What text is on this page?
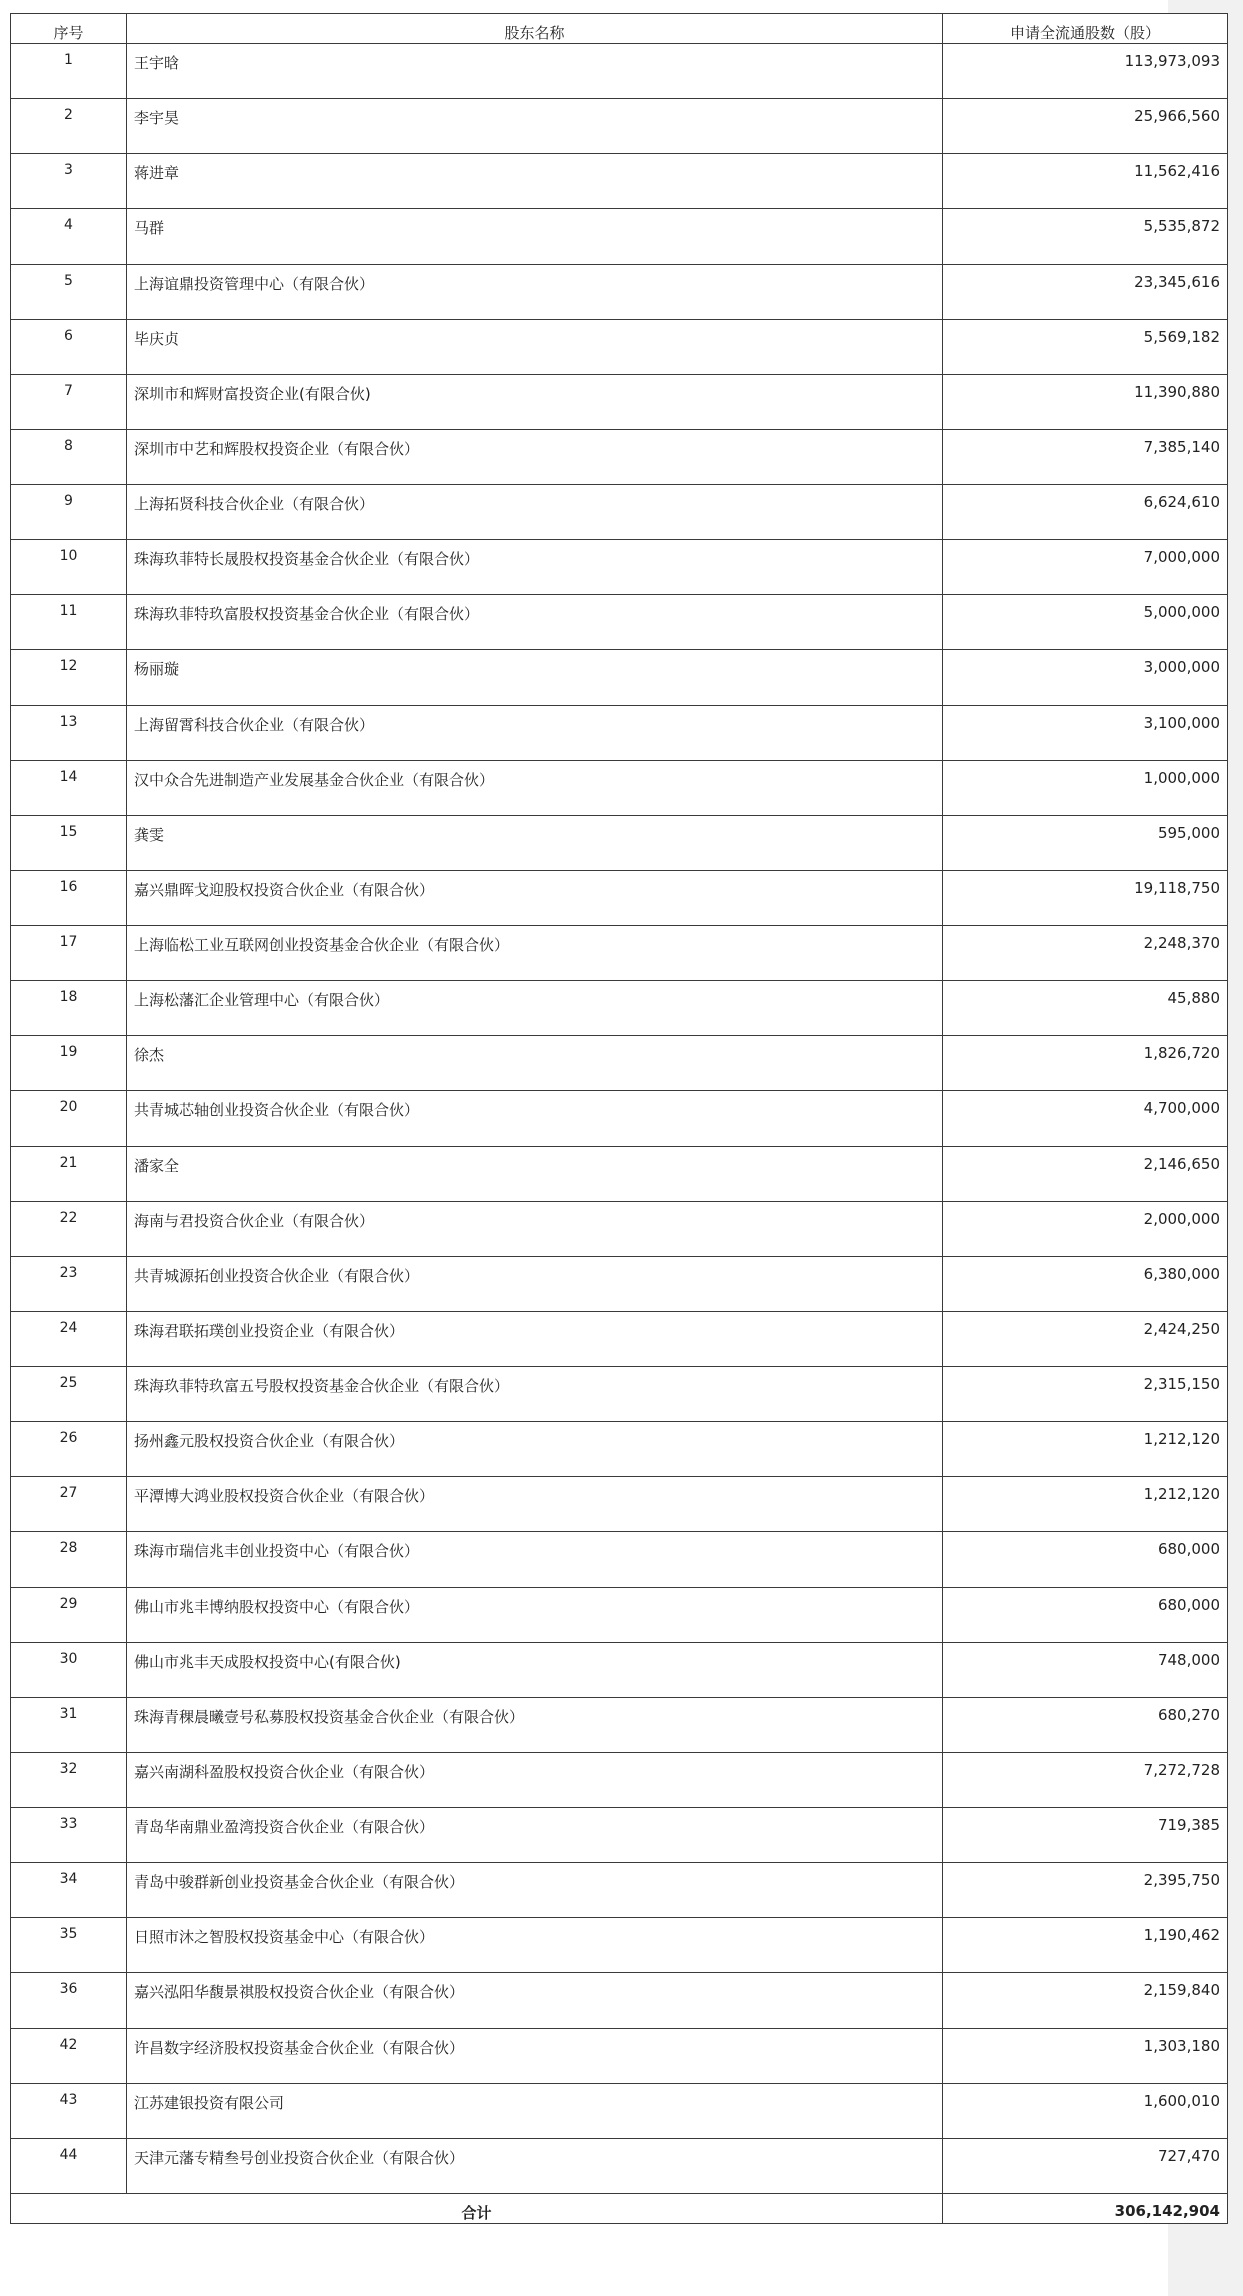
序号	股东名称	申请全流通股数（股）
1	王宇晗	113,973,093
2	李宇昊	25,966,560
3	蒋进章	11,562,416
4	马群	5,535,872
5	上海谊鼎投资管理中心（有限合伙）	23,345,616
6	毕庆贞	5,569,182
7	深圳市和辉财富投资企业(有限合伙)	11,390,880
8	深圳市中艺和辉股权投资企业（有限合伙）	7,385,140
9	上海拓贤科技合伙企业（有限合伙）	6,624,610
10	珠海玖菲特长晟股权投资基金合伙企业（有限合伙）	7,000,000
11	珠海玖菲特玖富股权投资基金合伙企业（有限合伙）	5,000,000
12	杨丽璇	3,000,000
13	上海留霄科技合伙企业（有限合伙）	3,100,000
14	汉中众合先进制造产业发展基金合伙企业（有限合伙）	1,000,000
15	龚雯	595,000
16	嘉兴鼎晖戈迎股权投资合伙企业（有限合伙）	19,118,750
17	上海临松工业互联网创业投资基金合伙企业（有限合伙）	2,248,370
18	上海松藩汇企业管理中心（有限合伙）	45,880
19	徐杰	1,826,720
20	共青城芯轴创业投资合伙企业（有限合伙）	4,700,000
21	潘家全	2,146,650
22	海南与君投资合伙企业（有限合伙）	2,000,000
23	共青城源拓创业投资合伙企业（有限合伙）	6,380,000
24	珠海君联拓璞创业投资企业（有限合伙）	2,424,250
25	珠海玖菲特玖富五号股权投资基金合伙企业（有限合伙）	2,315,150
26	扬州鑫元股权投资合伙企业（有限合伙）	1,212,120
27	平潭博大鸿业股权投资合伙企业（有限合伙）	1,212,120
28	珠海市瑞信兆丰创业投资中心（有限合伙）	680,000
29	佛山市兆丰博纳股权投资中心（有限合伙）	680,000
30	佛山市兆丰天成股权投资中心(有限合伙)	748,000
31	珠海青稞晨曦壹号私募股权投资基金合伙企业（有限合伙）	680,270
32	嘉兴南湖科盈股权投资合伙企业（有限合伙）	7,272,728
33	青岛华南鼎业盈湾投资合伙企业（有限合伙）	719,385
34	青岛中骏群新创业投资基金合伙企业（有限合伙）	2,395,750
35	日照市沐之智股权投资基金中心（有限合伙）	1,190,462
36	嘉兴泓阳华馥景祺股权投资合伙企业（有限合伙）	2,159,840
42	许昌数字经济股权投资基金合伙企业（有限合伙）	1,303,180
43	江苏建银投资有限公司	1,600,010
44	天津元藩专精叁号创业投资合伙企业（有限合伙）	727,470
合计		306,142,904
